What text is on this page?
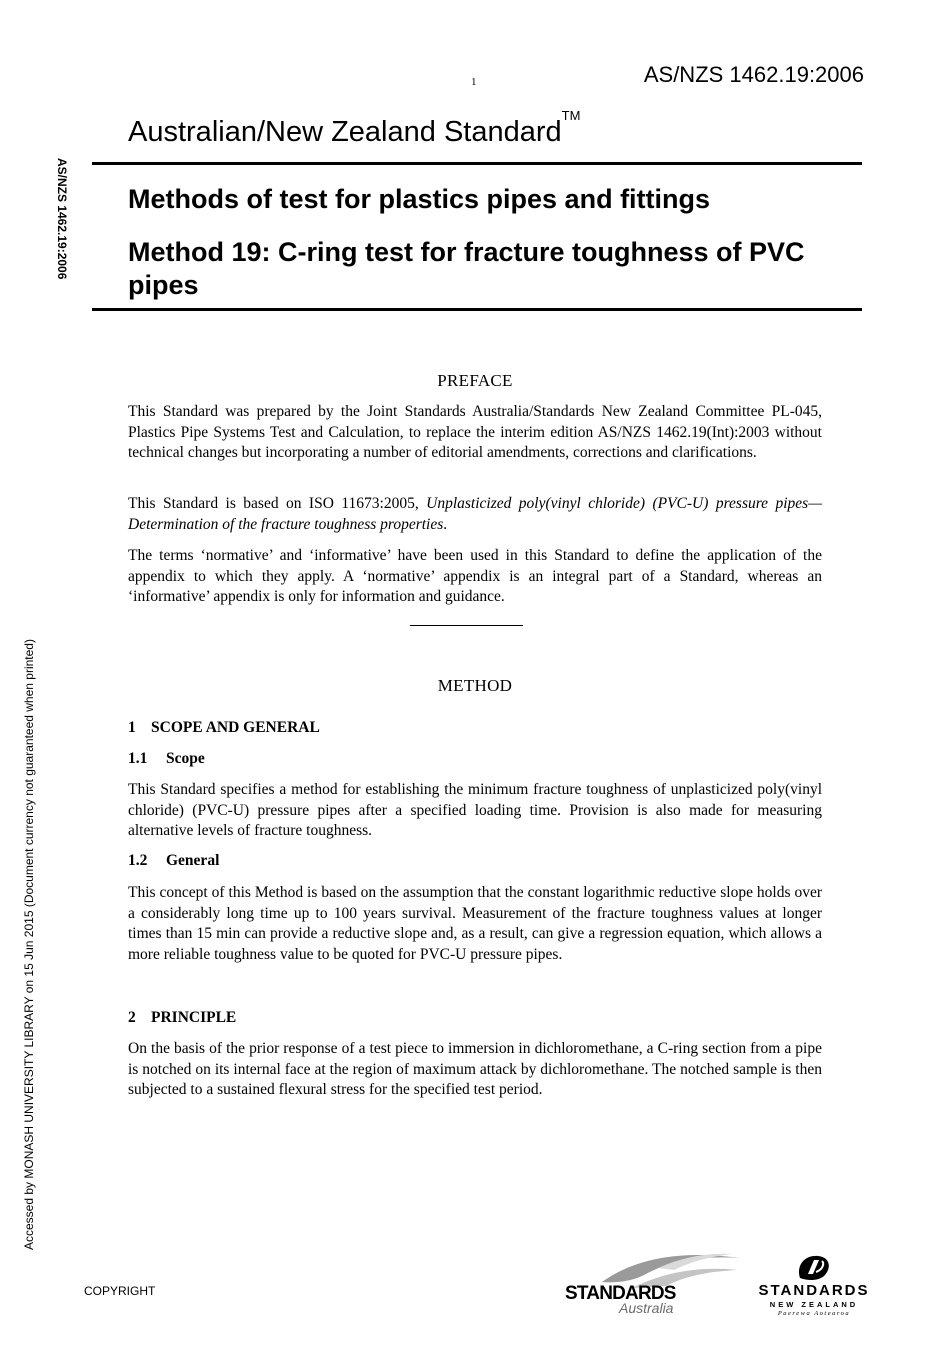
1	AS/NZS 1462.19:2006
AS/NZS 1462.19:2006
Accessed by MONASH UNIVERSITY LIBRARY on 15 Jun 2015 (Document currency not guaranteed when printed)
Australian/New Zealand Standard™
Methods of test for plastics pipes and fittings
Method 19: C-ring test for fracture toughness of PVC pipes
PREFACE
This Standard was prepared by the Joint Standards Australia/Standards New Zealand Committee PL-045, Plastics Pipe Systems Test and Calculation, to replace the interim edition AS/NZS 1462.19(Int):2003 without technical changes but incorporating a number of editorial amendments, corrections and clarifications.
This Standard is based on ISO 11673:2005, Unplasticized poly(vinyl chloride) (PVC-U) pressure pipes—Determination of the fracture toughness properties.
The terms ‘normative’ and ‘informative’ have been used in this Standard to define the application of the appendix to which they apply. A ‘normative’ appendix is an integral part of a Standard, whereas an ‘informative’ appendix is only for information and guidance.
METHOD
1 SCOPE AND GENERAL
1.1 Scope
This Standard specifies a method for establishing the minimum fracture toughness of unplasticized poly(vinyl chloride) (PVC-U) pressure pipes after a specified loading time. Provision is also made for measuring alternative levels of fracture toughness.
1.2 General
This concept of this Method is based on the assumption that the constant logarithmic reductive slope holds over a considerably long time up to 100 years survival. Measurement of the fracture toughness values at longer times than 15 min can provide a reductive slope and, as a result, can give a regression equation, which allows a more reliable toughness value to be quoted for PVC-U pressure pipes.
2 PRINCIPLE
On the basis of the prior response of a test piece to immersion in dichloromethane, a C-ring section from a pipe is notched on its internal face at the region of maximum attack by dichloromethane. The notched sample is then subjected to a sustained flexural stress for the specified test period.
COPYRIGHT	STANDARDS
Australia
STANDARDS
NEW ZEALAND
Paerewa Aotearoa
